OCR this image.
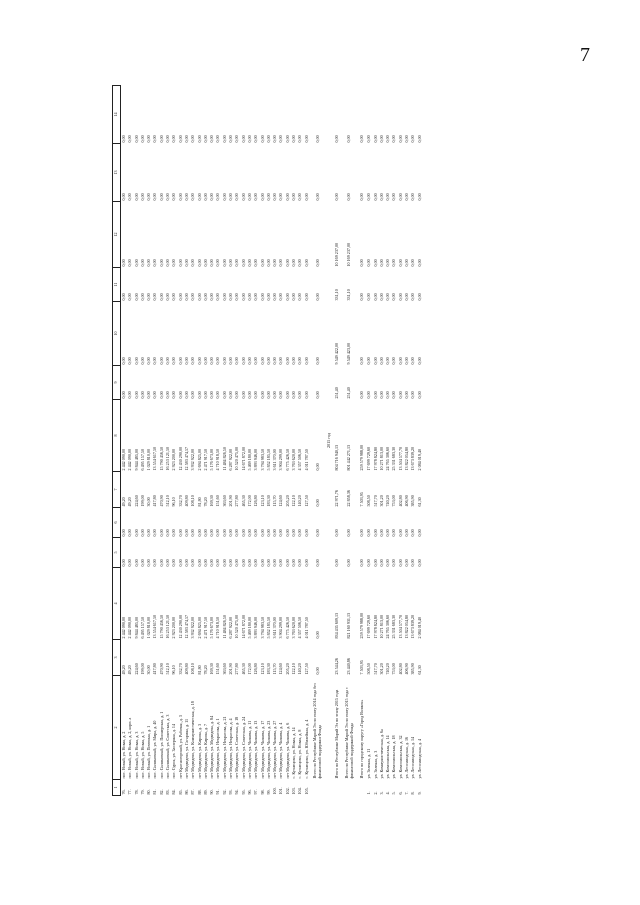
7
1	2	3	4	5	6	7	8	9	10	11	12	13	14
76.	пос. Новый, ул. Новая, д. 2	49,20	2 442 090,00	0,00	0,00	49,20	2 442 090,00	0,00	0,00	0,00	0,00	0,00	0,00
77.	пос. Новый, ул. Новая, д. 2, корп. а	49,20	2 442 090,00	0,00	0,00	49,20	2 442 090,00	0,00	0,00	0,00	0,00	0,00	0,00
78.	пос. Новый, ул. Новая, д. 3	224,60	9 844 485,00	0,00	0,00	224,60	9 844 485,00	0,00	0,00	0,00	0,00	0,00	0,00
79.	пос. Новый, ул. Новая, д. 5	199,00	6 495 157,50	0,00	0,00	199,00	6 495 157,50	0,00	0,00	0,00	0,00	0,00	0,00
80.	пос. Новый, ул. Почтовая, д. 1	30,00	1 029 810,00	0,00	0,00	30,00	1 029 810,00	0,00	0,00	0,00	0,00	0,00	0,00
81.	пос. Силикатный, ул. Мира, д. 40	417,80	13 554 617,50	0,00	0,00	417,80	13 554 617,50	0,00	0,00	0,00	0,00	0,00	0,00
82.	пос. Силикатный, ул. Пионерская, д. 1	470,90	15 790 456,50	0,00	0,00	470,90	15 790 456,50	0,00	0,00	0,00	0,00	0,00	0,00
83.	пос. Силикатный, ул. Советская, д. 3	512,10	16 253 121,50	0,00	0,00	512,10	16 253 121,50	0,00	0,00	0,00	0,00	0,00	0,00
84.	пос. Сурок, ул. Заозерная, д. 14	96,10	2 923 200,00	0,00	0,00	96,10	2 923 200,00	0,00	0,00	0,00	0,00	0,00	0,00
85.	пгт Красногорский, ул. Рабочая, д. 3	332,70	12 430 290,00	0,00	0,00	332,70	12 430 290,00	0,00	0,00	0,00	0,00	0,00	0,00
86.	пгт Медведево, ул. Гагарина, д. 11	409,80	12 583 474,57	0,00	0,00	409,80	12 583 474,57	0,00	0,00	0,00	0,00	0,00	0,00
87.	пгт Медведево, ул. Коммунистическая, д. 18	108,10	3 932 922,00	0,00	0,00	108,10	3 932 922,00	0,00	0,00	0,00	0,00	0,00	0,00
88.	пгт Медведево, ул. Кирова, д. 3	81,80	2 694 825,00	0,00	0,00	81,80	2 694 825,00	0,00	0,00	0,00	0,00	0,00	0,00
89.	пгт Медведево, ул. Кирова, д. 7	78,20	2 471 917,50	0,00	0,00	78,20	2 471 917,50	0,00	0,00	0,00	0,00	0,00	0,00
90.	пгт Медведево, ул. Медведева, д. 84	169,30	5 176 673,00	0,00	0,00	169,30	5 176 673,00	0,00	0,00	0,00	0,00	0,00	0,00
91.	пгт Медведево, ул. Некрасова, д. 1	151,60	4 710 918,50	0,00	0,00	151,60	4 710 918,50	0,00	0,00	0,00	0,00	0,00	0,00
92.	пгт Медведево, ул. Некрасова, д. 21	363,60	11 484 826,50	0,00	0,00	363,60	11 484 826,50	0,00	0,00	0,00	0,00	0,00	0,00
93.	пгт Медведево, ул. Некрасова, д. 4	201,90	6 287 922,00	0,00	0,00	201,90	6 287 922,00	0,00	0,00	0,00	0,00	0,00	0,00
94.	пгт Медведево, ул. Советская, д. 18	277,80	10 520 475,00	0,00	0,00	277,80	10 520 475,00	0,00	0,00	0,00	0,00	0,00	0,00
95.	пгт Медведево, ул. Советская, д. 24	465,30	14 671 872,00	0,00	0,00	465,30	14 671 872,00	0,00	0,00	0,00	0,00	0,00	0,00
96.	пгт Медведево, ул. Чапаева, д. 11	172,00	5 469 180,00	0,00	0,00	172,00	5 469 180,00	0,00	0,00	0,00	0,00	0,00	0,00
97.	пгт Медведево, ул. Чапаева, д. 13	126,80	3 893 946,00	0,00	0,00	126,80	3 893 946,00	0,00	0,00	0,00	0,00	0,00	0,00
98.	пгт Медведево, ул. Чапаева, д. 17	123,10	3 794 983,50	0,00	0,00	123,10	3 794 983,50	0,00	0,00	0,00	0,00	0,00	0,00
99.	пгт Медведево, ул. Чапаева, д. 23	183,30	5 852 185,50	0,00	0,00	183,30	5 852 185,50	0,00	0,00	0,00	0,00	0,00	0,00
100.	пгт Медведево, ул. Чапаева, д. 27	115,70	3 611 370,00	0,00	0,00	115,70	3 611 370,00	0,00	0,00	0,00	0,00	0,00	0,00
101.	пгт Медведево, ул. Чапаева, д. 4	124,60	3 904 299,00	0,00	0,00	124,60	3 904 299,00	0,00	0,00	0,00	0,00	0,00	0,00
102.	пгт Медведево, ул. Чапаева, д. 6	205,20	6 775 426,50	0,00	0,00	205,20	6 775 426,50	0,00	0,00	0,00	0,00	0,00	0,00
103.	с. Кузнецово, ул. Новая, д. 14	122,10	3 763 620,00	0,00	0,00	122,10	3 763 620,00	0,00	0,00	0,00	0,00	0,00	0,00
104.	с. Кузнецово, ул. Новая, д. 8	140,20	4 357 506,50	0,00	0,00	140,20	4 357 506,50	0,00	0,00	0,00	0,00	0,00	0,00
105.	с. Кузнецово, ул. Юбилейная, д. 4	127,50	4 011 787,50	0,00	0,00	127,50	4 011 787,50	0,00	0,00	0,00	0,00	0,00	0,00
	Всего по Республике Марий Эл по этапу 2014 года без финансовой поддержки Фонда	0,00	0,00	0,00	0,00	0,00	0,00	0,00	0,00	0,00	0,00	0,00	0,00
2015 год													
	Итого по Республике Марий Эл по этапу 2015 года	23 544,26	834 435 609,13	0,00	0,00	22 971,76	804 716 940,13	251,40	9 549 422,00	331,10	10 169 237,00	0,00	0,00
	Всего по Республике Марий Эл по этапу 2015 года с финансовой поддержкой Фонда	23 440,86	821 160 931,13	0,00	0,00	22 858,36	801 442 271,13	251,40	9 549 423,00	331,10	10 169 237,00	0,00	0,00
	Итого по городскому округу «Город Волжск»	7 503,95	259 579 988,00	0,00	0,00	7 503,95	259 579 988,00	0,00	0,00	0,00	0,00	0,00	0,00
1.	ул. Зеленая, д. 11	508,50	17 699 729,60	0,00	0,00	508,50	17 699 729,60	0,00	0,00	0,00	0,00	0,00	0,00
2.	ул. Зеленая, д. 3	517,70	17 978 824,80	0,00	0,00	517,70	17 978 824,80	0,00	0,00	0,00	0,00	0,00	0,00
3.	ул. Коммунистическая, д. 6а	301,20	10 271 813,00	0,00	0,00	301,20	10 271 813,00	0,00	0,00	0,00	0,00	0,00	0,00
4.	ул. Комсомольская, д. 14	740,20	24 765 306,60	0,00	0,00	740,20	24 765 306,60	0,00	0,00	0,00	0,00	0,00	0,00
5.	ул. Комсомольская, д. 18	753,00	25 331 683,30	0,00	0,00	753,00	25 331 683,30	0,00	0,00	0,00	0,00	0,00	0,00
6.	ул. Комсомольская, д. 32	402,80	13 504 577,70	0,00	0,00	402,80	13 504 577,70	0,00	0,00	0,00	0,00	0,00	0,00
7.	ул. Лесозаводская, д. 16	406,90	13 822 054,80	0,00	0,00	406,90	13 822 054,80	0,00	0,00	0,00	0,00	0,00	0,00
8.	ул. Лесозаводская, д. 14	385,90	13 673 839,20	0,00	0,00	385,90	13 673 839,20	0,00	0,00	0,00	0,00	0,00	0,00
9.	ул. Лесозаводская, д. 4	61,30	2 084 019,40	0,00	0,00	61,30	2 084 019,40	0,00	0,00	0,00	0,00	0,00	0,00
